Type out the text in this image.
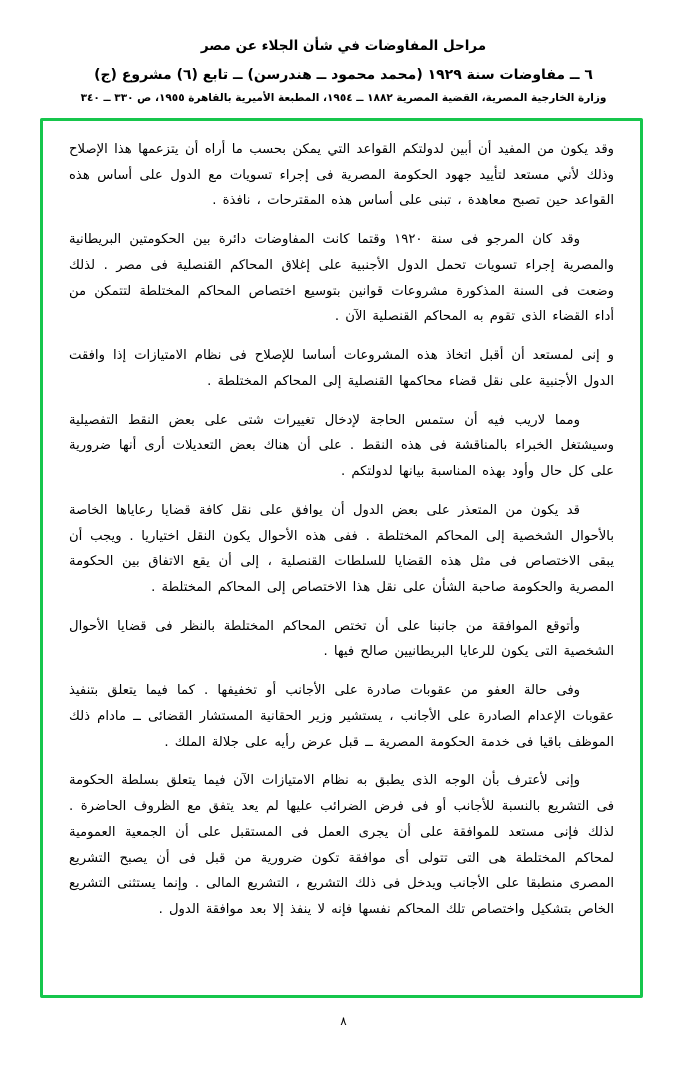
مراحل المفاوضات في شأن الجلاء عن مصر
٦ ــ مفاوضات سنة ١٩٢٩ (محمد محمود ــ هندرسن) ــ تابع (٦) مشروع (ج)
وزارة الخارجية المصرية، القضية المصرية ١٨٨٢ ــ ١٩٥٤، المطبعة الأميرية بالقاهرة ١٩٥٥، ص ٣٣٠ ــ ٣٤٠

وقد يكون من المفيد أن أبين لدولتكم القواعد التي يمكن بحسب ما أراه أن يتزعمها هذا الإصلاح وذلك لأني مستعد لتأييد جهود الحكومة المصرية فى إجراء تسويات مع الدول على أساس هذه القواعد حين تصبح معاهدة ، تبنى على أساس هذه المقترحات ، نافذة .

وقد كان المرجو فى سنة ١٩٢٠ وقتما كانت المفاوضات دائرة بين الحكومتين البريطانية والمصرية إجراء تسويات تحمل الدول الأجنبية على إغلاق المحاكم القنصلية فى مصر . لذلك وضعت فى السنة المذكورة مشروعات قوانين بتوسيع اختصاص المحاكم المختلطة لتتمكن من أداء القضاء الذى تقوم به المحاكم القنصلية الآن .

و إنى لمستعد أن أقبل اتخاذ هذه المشروعات أساسا للإصلاح فى نظام الامتيازات إذا وافقت الدول الأجنبية على نقل قضاء محاكمها القنصلية إلى المحاكم المختلطة .

ومما لاريب فيه أن ستمس الحاجة لإدخال تغييرات شتى على بعض النقط التفصيلية وسيشتغل الخبراء بالمناقشة فى هذه النقط . على أن هناك بعض التعديلات أرى أنها ضرورية على كل حال وأود بهذه المناسبة بيانها لدولتكم .

قد يكون من المتعذر على بعض الدول أن يوافق على نقل كافة قضايا رعاياها الخاصة بالأحوال الشخصية إلى المحاكم المختلطة . ففى هذه الأحوال يكون النقل اختياريا . ويجب أن يبقى الاختصاص فى مثل هذه القضايا للسلطات القنصلية ، إلى أن يقع الاتفاق بين الحكومة المصرية والحكومة صاحبة الشأن على نقل هذا الاختصاص إلى المحاكم المختلطة .

وأتوقع الموافقة من جانبنا على أن تختص المحاكم المختلطة بالنظر فى قضايا الأحوال الشخصية التى يكون للرعايا البريطانيين صالح فيها .

وفى حالة العفو من عقوبات صادرة على الأجانب أو تخفيفها . كما فيما يتعلق بتنفيذ عقوبات الإعدام الصادرة على الأجانب ، يستشير وزير الحقانية المستشار القضائى ــ مادام ذلك الموظف باقيا فى خدمة الحكومة المصرية ــ قبل عرض رأيه على جلالة الملك .

وإنى لأعترف بأن الوجه الذى يطبق به نظام الامتيازات الآن فيما يتعلق بسلطة الحكومة فى التشريع بالنسبة للأجانب أو فى فرض الضرائب عليها لم يعد يتفق مع الظروف الحاضرة . لذلك فإنى مستعد للموافقة على أن يجرى العمل فى المستقبل على أن الجمعية العمومية لمحاكم المختلطة هى التى تتولى أى موافقة تكون ضرورية من قبل فى أن يصبح التشريع المصرى منطبقا على الأجانب ويدخل فى ذلك التشريع ، التشريع المالى . وإنما يستثنى التشريع الخاص بتشكيل واختصاص تلك المحاكم نفسها فإنه لا ينفذ إلا بعد موافقة الدول .

٨
